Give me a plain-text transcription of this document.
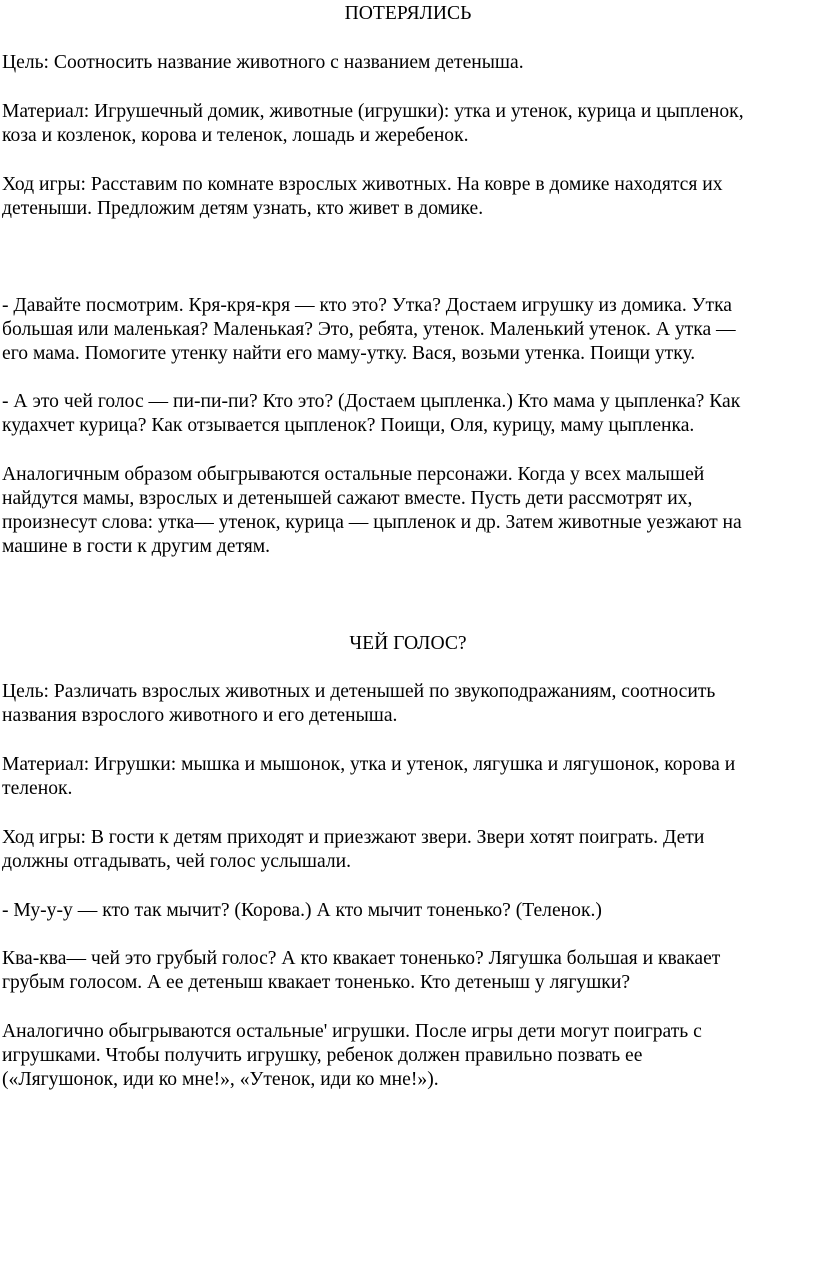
ПОТЕРЯЛИСЬ
Цель: Соотносить название животного с названием детеныша.
Материал: Игрушечный домик, животные (игрушки): утка и утенок, курица и цыпленок,
коза и козленок, корова и теленок, лошадь и жеребенок.
Ход игры: Расставим по комнате взрослых животных. На ковре в домике находятся их
детеныши. Предложим детям узнать, кто живет в домике.
- Давайте посмотрим. Кря-кря-кря — кто это? Утка? Достаем игрушку из домика. Утка
большая или маленькая? Маленькая? Это, ребята, утенок. Маленький утенок. А утка —
его мама. Помогите утенку найти его маму-утку. Вася, возьми утенка. Поищи утку.
- А это чей голос — пи-пи-пи? Кто это? (Достаем цыпленка.) Кто мама у цыпленка? Как
кудахчет курица? Как отзывается цыпленок? Поищи, Оля, курицу, маму цыпленка.
Аналогичным образом обыгрываются остальные персонажи. Когда у всех малышей
найдутся мамы, взрослых и детенышей сажают вместе. Пусть дети рассмотрят их,
произнесут слова: утка— утенок, курица — цыпленок и др. Затем животные уезжают на
машине в гости к другим детям.
ЧЕЙ ГОЛОС?
Цель: Различать взрослых животных и детенышей по звукоподражаниям, соотносить
названия взрослого животного и его детеныша.
Материал: Игрушки: мышка и мышонок, утка и утенок, лягушка и лягушонок, корова и
теленок.
Ход игры: В гости к детям приходят и приезжают звери. Звери хотят поиграть. Дети
должны отгадывать, чей голос услышали.
- Му-у-у — кто так мычит? (Корова.) А кто мычит тоненько? (Теленок.)
Ква-ква— чей это грубый голос? А кто квакает тоненько? Лягушка большая и квакает
грубым голосом. А ее детеныш квакает тоненько. Кто детеныш у лягушки?
Аналогично обыгрываются остальные' игрушки. После игры дети могут поиграть с
игрушками. Чтобы получить игрушку, ребенок должен правильно позвать ее
(«Лягушонок, иди ко мне!», «Утенок, иди ко мне!»).
